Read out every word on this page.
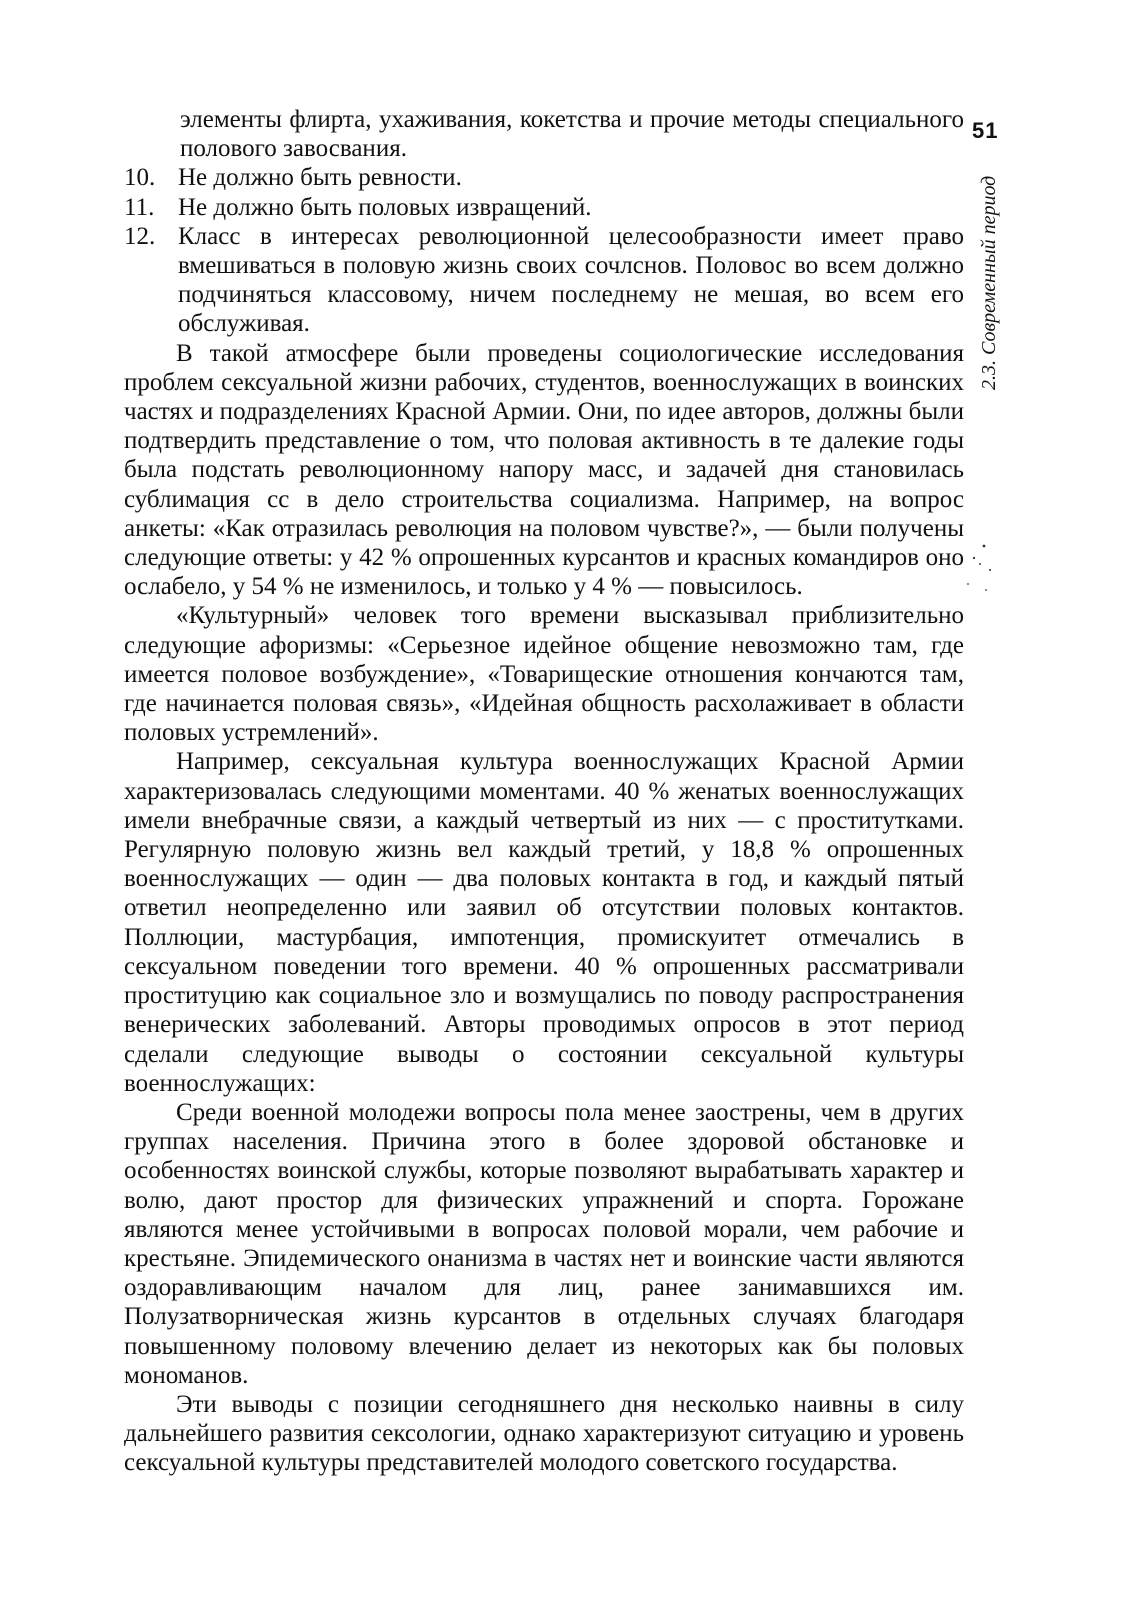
51
2.3. Современный период

элементы флирта, ухаживания, кокетства и прочие методы специального полового завосвания.

10. Не должно быть ревности.
11. Не должно быть половых извращений.
12. Класс в интересах революционной целесообразности имеет право вмешиваться в половую жизнь своих сочлснов. Половос во всем должно подчиняться классовому, ничем последнему не мешая, во всем его обслуживая.

В такой атмосфере были проведены социологические исследования проблем сексуальной жизни рабочих, студентов, военнослужащих в воинских частях и подразделениях Красной Армии. Они, по идее авторов, должны были подтвердить представление о том, что половая активность в те далекие годы была подстать революционному напору масс, и задачей дня становилась сублимация сс в дело строительства социализма. Например, на вопрос анкеты: «Как отразилась революция на половом чувстве?», — были получены следующие ответы: у 42 % опрошенных курсантов и красных командиров оно ослабело, у 54 % не изменилось, и только у 4 % — повысилось.

«Культурный» человек того времени высказывал приблизительно следующие афоризмы: «Серьезное идейное общение невозможно там, где имеется половое возбуждение», «Товарищеские отношения кончаются там, где начинается половая связь», «Идейная общность расхолаживает в области половых устремлений».

Например, сексуальная культура военнослужащих Красной Армии характеризовалась следующими моментами. 40 % женатых военнослужащих имели внебрачные связи, а каждый четвертый из них — с проститутками. Регулярную половую жизнь вел каждый третий, у 18,8 % опрошенных военнослужащих — один — два половых контакта в год, и каждый пятый ответил неопределенно или заявил об отсутствии половых контактов. Поллюции, мастурбация, импотенция, промискуитет отмечались в сексуальном поведении того времени. 40 % опрошенных рассматривали проституцию как социальное зло и возмущались по поводу распространения венерических заболеваний. Авторы проводимых опросов в этот период сделали следующие выводы о состоянии сексуальной культуры военнослужащих:

Среди военной молодежи вопросы пола менее заострены, чем в других группах населения. Причина этого в более здоровой обстановке и особенностях воинской службы, которые позволяют вырабатывать характер и волю, дают простор для физических упражнений и спорта. Горожане являются менее устойчивыми в вопросах половой морали, чем рабочие и крестьяне. Эпидемического онанизма в частях нет и воинские части являются оздоравливающим началом для лиц, ранее занимавшихся им. Полузатворническая жизнь курсантов в отдельных случаях благодаря повышенному половому влечению делает из некоторых как бы половых мономанов.

Эти выводы с позиции сегодняшнего дня несколько наивны в силу дальнейшего развития сексологии, однако характеризуют ситуацию и уровень сексуальной культуры представителей молодого советского государства.
